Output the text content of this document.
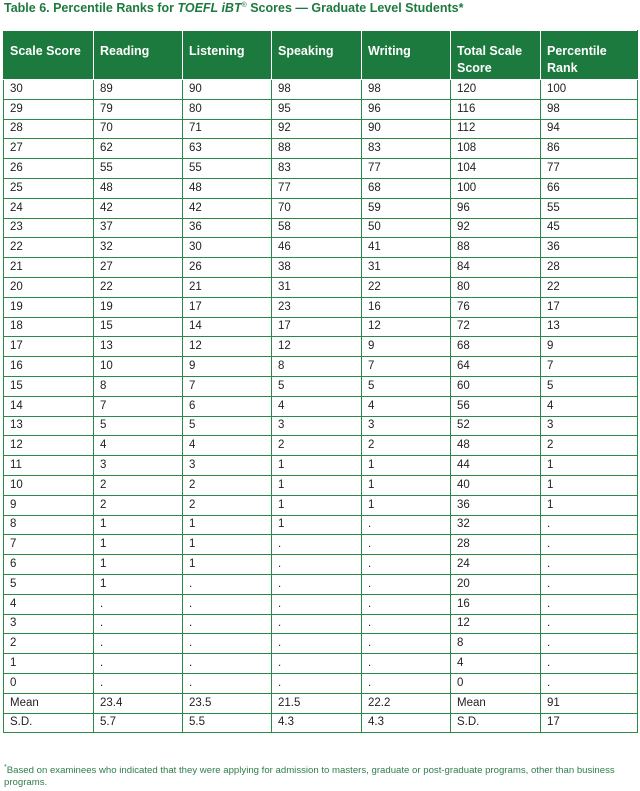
Table 6. Percentile Ranks for TOEFL iBT® Scores — Graduate Level Students*
Scale Score	Reading	Listening	Speaking	Writing	Total Scale Score	Percentile Rank
30	89	90	98	98	120	100
29	79	80	95	96	116	98
28	70	71	92	90	112	94
27	62	63	88	83	108	86
26	55	55	83	77	104	77
25	48	48	77	68	100	66
24	42	42	70	59	96	55
23	37	36	58	50	92	45
22	32	30	46	41	88	36
21	27	26	38	31	84	28
20	22	21	31	22	80	22
19	19	17	23	16	76	17
18	15	14	17	12	72	13
17	13	12	12	9	68	9
16	10	9	8	7	64	7
15	8	7	5	5	60	5
14	7	6	4	4	56	4
13	5	5	3	3	52	3
12	4	4	2	2	48	2
11	3	3	1	1	44	1
10	2	2	1	1	40	1
9	2	2	1	1	36	1
8	1	1	1	.	32	.
7	1	1	.	.	28	.
6	1	1	.	.	24	.
5	1	.	.	.	20	.
4	.	.	.	.	16	.
3	.	.	.	.	12	.
2	.	.	.	.	8	.
1	.	.	.	.	4	.
0	.	.	.	.	0	.
Mean	23.4	23.5	21.5	22.2	Mean	91
S.D.	5.7	5.5	4.3	4.3	S.D.	17
*Based on examinees who indicated that they were applying for admission to masters, graduate or post-graduate programs, other than business programs.
